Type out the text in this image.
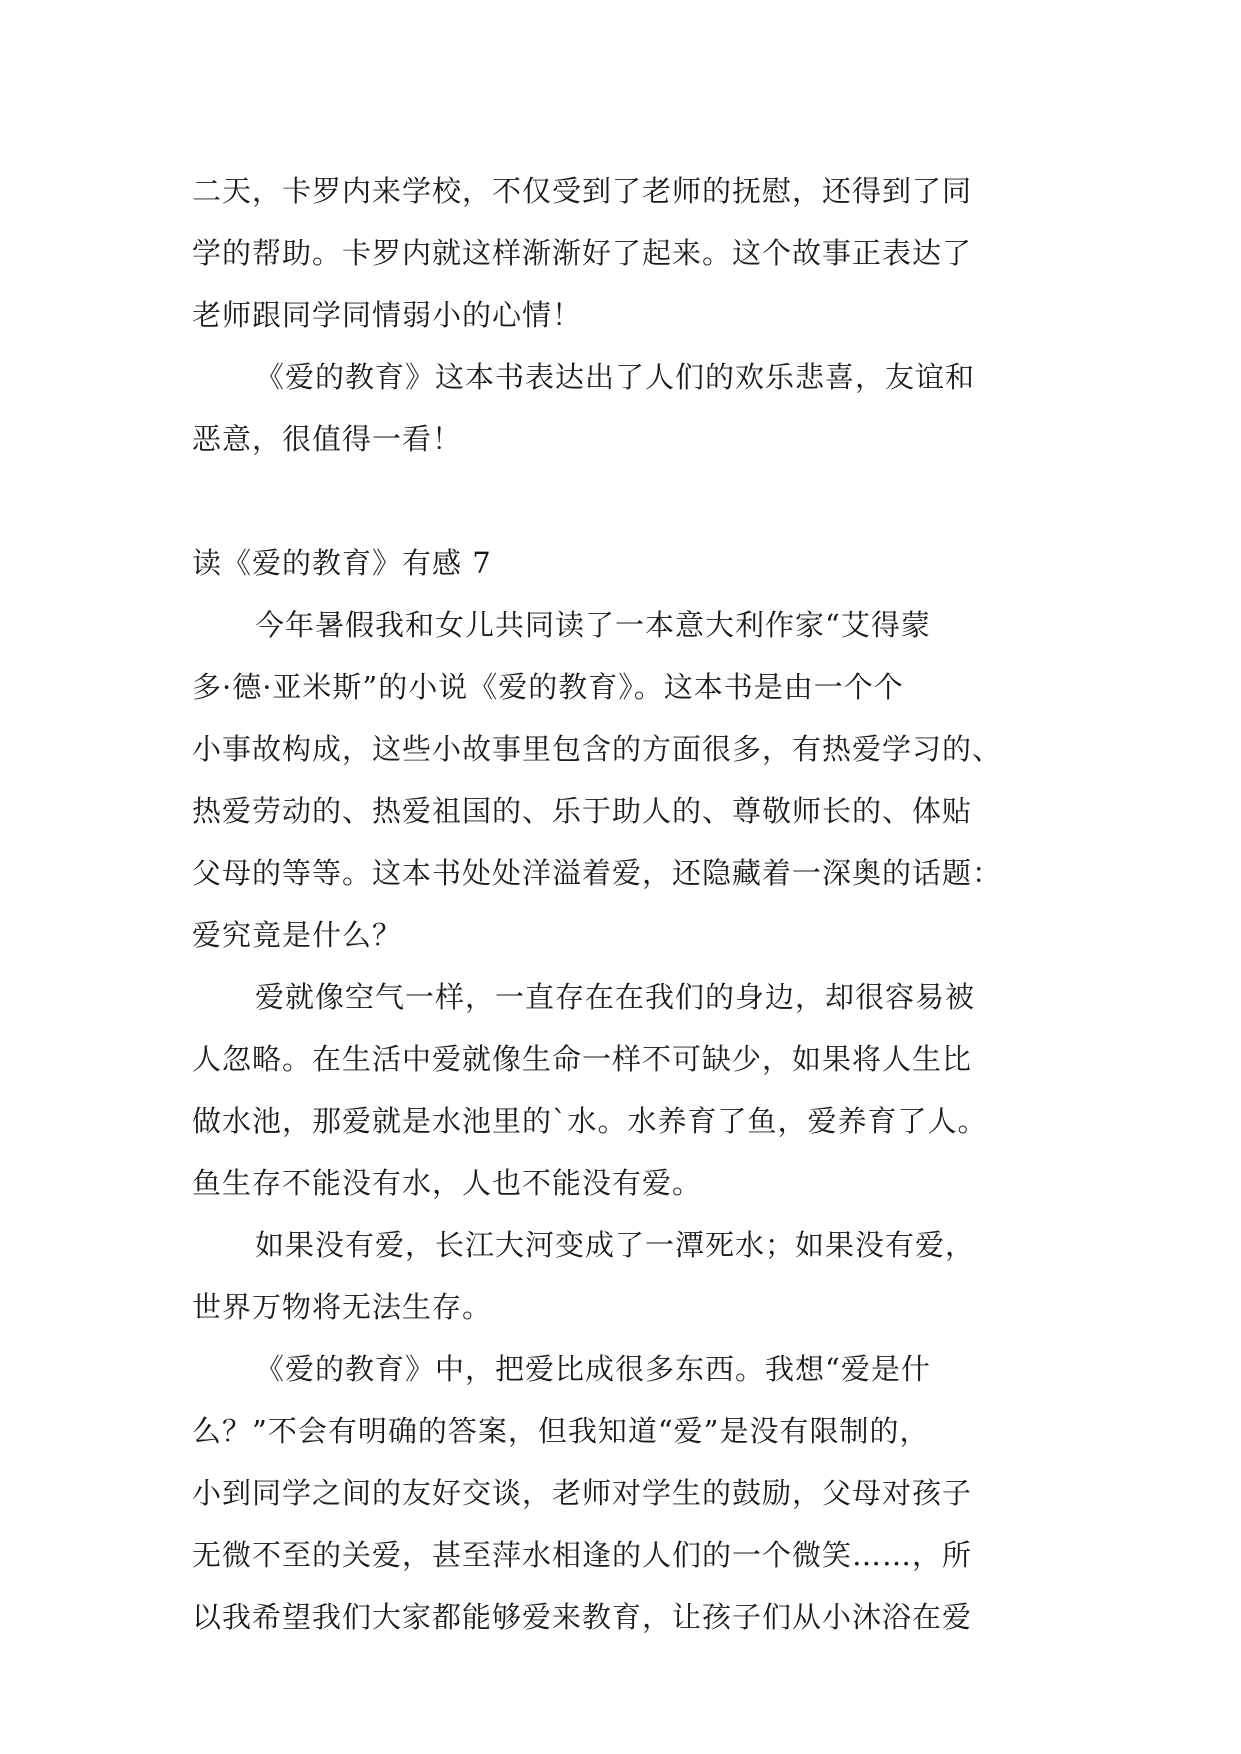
二天，卡罗内来学校，不仅受到了老师的抚慰，还得到了同
学的帮助。卡罗内就这样渐渐好了起来。这个故事正表达了
老师跟同学同情弱小的心情！
《爱的教育》这本书表达出了人们的欢乐悲喜，友谊和
恶意，很值得一看！
读《爱的教育》有感 7
今年暑假我和女儿共同读了一本意大利作家“艾得蒙
多·德·亚米斯”的小说《爱的教育》。这本书是由一个个
小事故构成，这些小故事里包含的方面很多，有热爱学习的、
热爱劳动的、热爱祖国的、乐于助人的、尊敬师长的、体贴
父母的等等。这本书处处洋溢着爱，还隐藏着一深奥的话题：
爱究竟是什么？
爱就像空气一样，一直存在在我们的身边，却很容易被
人忽略。在生活中爱就像生命一样不可缺少，如果将人生比
做水池，那爱就是水池里的`水。水养育了鱼，爱养育了人。
鱼生存不能没有水，人也不能没有爱。
如果没有爱，长江大河变成了一潭死水；如果没有爱，
世界万物将无法生存。
《爱的教育》中，把爱比成很多东西。我想“爱是什
么？”不会有明确的答案，但我知道“爱”是没有限制的，
小到同学之间的友好交谈，老师对学生的鼓励，父母对孩子
无微不至的关爱，甚至萍水相逢的人们的一个微笑……，所
以我希望我们大家都能够爱来教育，让孩子们从小沐浴在爱
